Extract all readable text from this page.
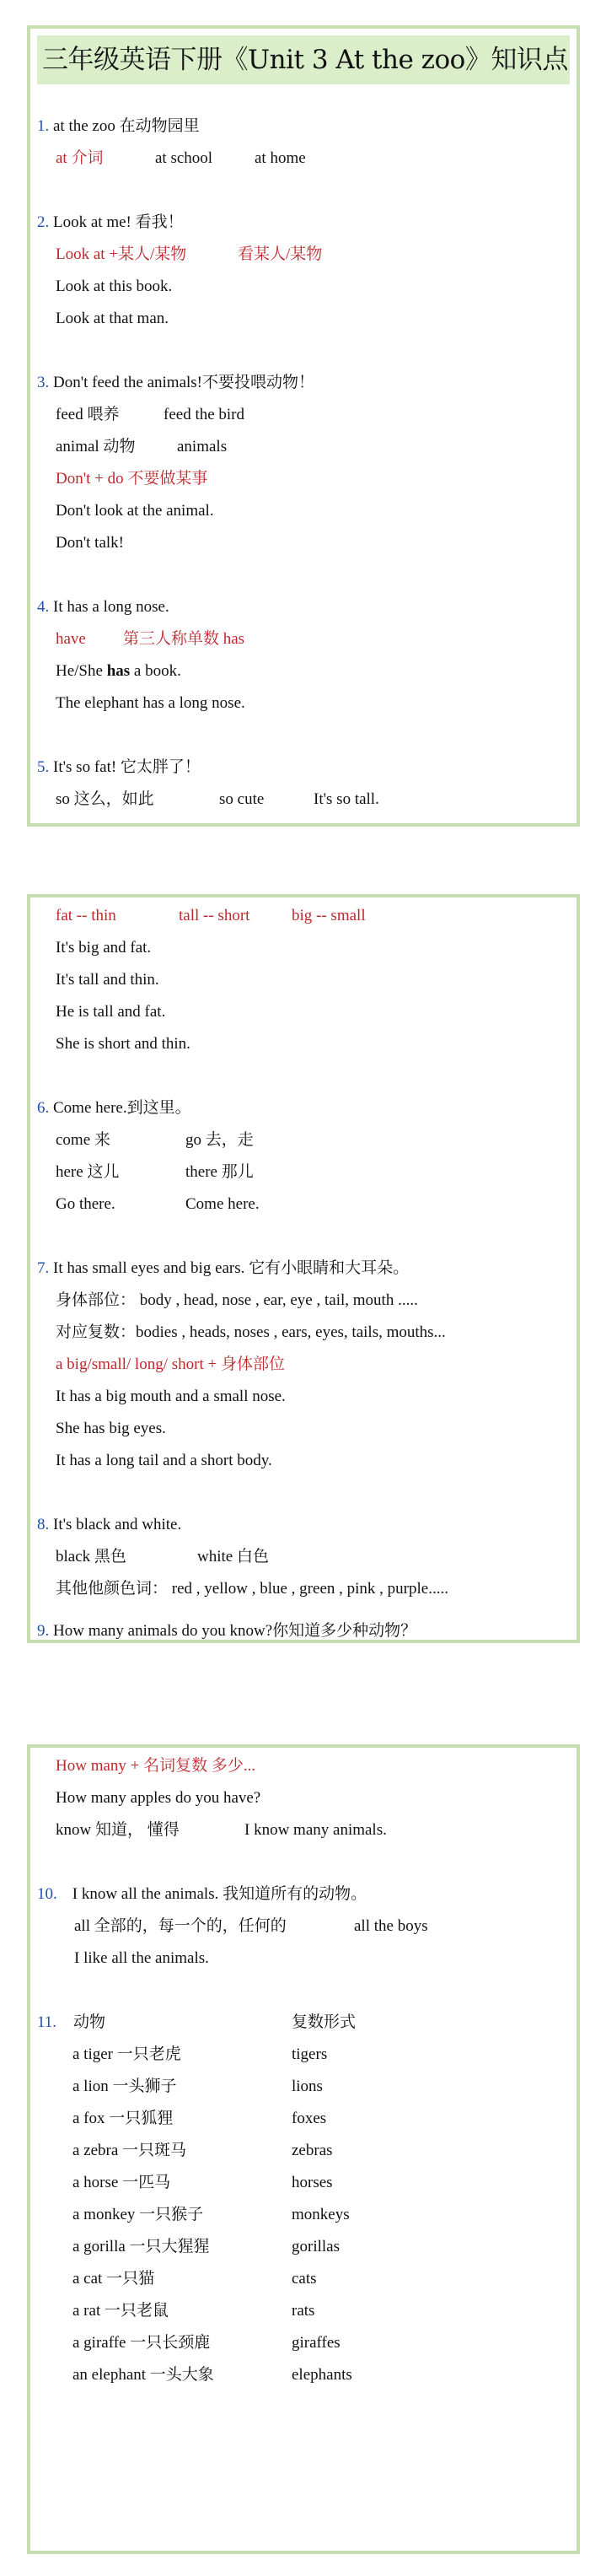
三年级英语下册《Unit 3 At the zoo》知识点
1. at the zoo 在动物园里
at 介词	at school	at home
2. Look at me! 看我！
Look at +某人/某物	看某人/某物
Look at this book.
Look at that man.
3. Don't feed the animals!不要投喂动物！
feed 喂养	feed the bird
animal 动物	animals
Don't + do 不要做某事
Don't look at the animal.
Don't talk!
4. It has a long nose.
have 第三人称单数 has
He/She has a book.
The elephant has a long nose.
5. It's so fat! 它太胖了！
so 这么，如此	so cute	It's so tall.
fat -- thin	tall -- short	big -- small
It's big and fat.
It's tall and thin.
He is tall and fat.
She is short and thin.
6. Come here.到这里。
come 来	go 去，走
here 这儿	there 那儿
Go there.	Come here.
7. It has small eyes and big ears. 它有小眼睛和大耳朵。
身体部位： body , head, nose , ear, eye , tail, mouth .....
对应复数：bodies , heads, noses , ears, eyes, tails, mouths...
a big/small/ long/ short + 身体部位
It has a big mouth and a small nose.
She has big eyes.
It has a long tail and a short body.
8. It's black and white.
black 黑色	white 白色
其他他颜色词： red , yellow , blue , green , pink , purple.....
9. How many animals do you know?你知道多少种动物？
How many + 名词复数 多少...
How many apples do you have?
know 知道， 懂得	I know many animals.
10. I know all the animals. 我知道所有的动物。
all 全部的，每一个的，任何的	all the boys
I like all the animals.
11. 动物	复数形式
a tiger 一只老虎	tigers
a lion 一头狮子	lions
a fox 一只狐狸	foxes
a zebra 一只斑马	zebras
a horse 一匹马	horses
a monkey 一只猴子	monkeys
a gorilla 一只大猩猩	gorillas
a cat 一只猫	cats
a rat 一只老鼠	rats
a giraffe 一只长颈鹿	giraffes
an elephant 一头大象	elephants
